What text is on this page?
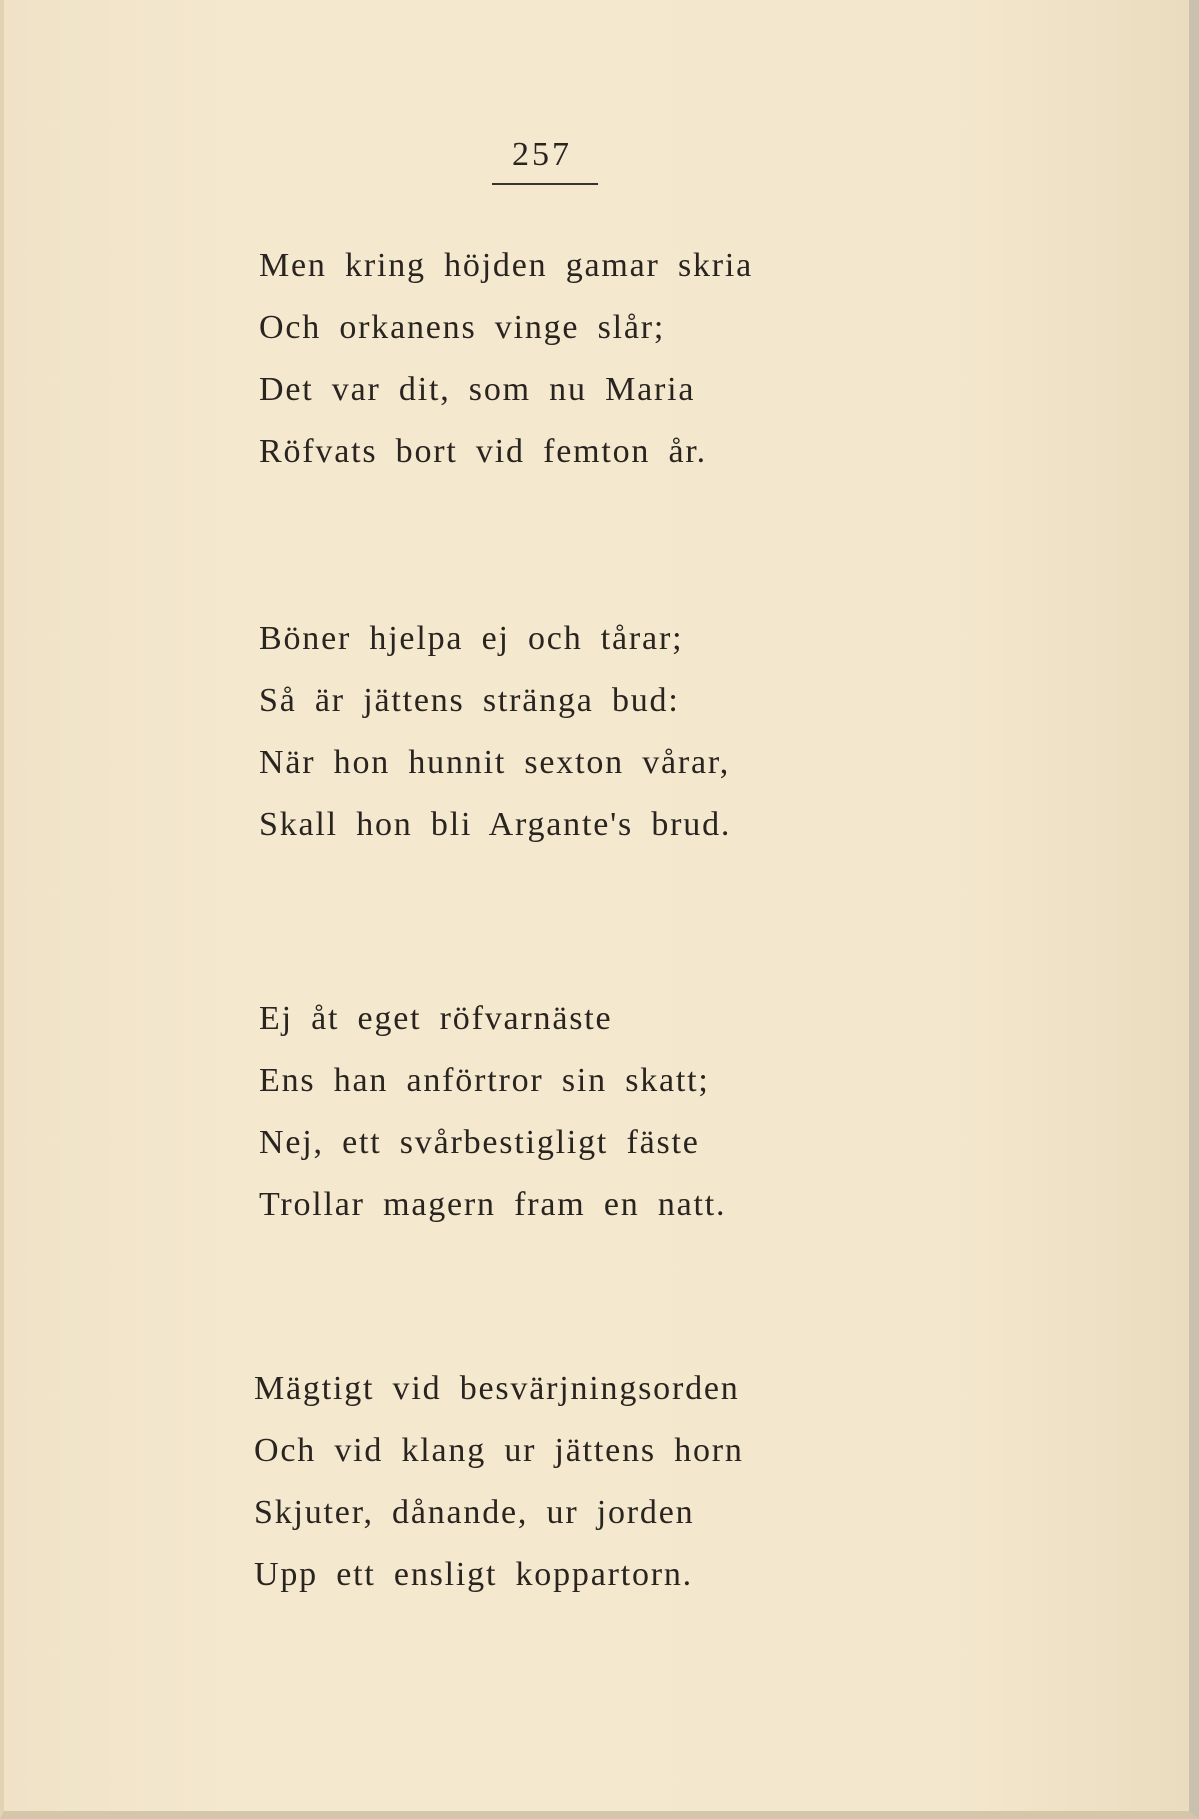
257
Men kring höjden gamar skria
Och orkanens vinge slår;
Det var dit, som nu Maria
Röfvats bort vid femton år.
Böner hjelpa ej och tårar;
Så är jättens stränga bud:
När hon hunnit sexton vårar,
Skall hon bli Argante's brud.
Ej åt eget röfvarnäste
Ens han anförtror sin skatt;
Nej, ett svårbestigligt fäste
Trollar magern fram en natt.
Mägtigt vid besvärjningsorden
Och vid klang ur jättens horn
Skjuter, dånande, ur jorden
Upp ett ensligt koppartorn.
